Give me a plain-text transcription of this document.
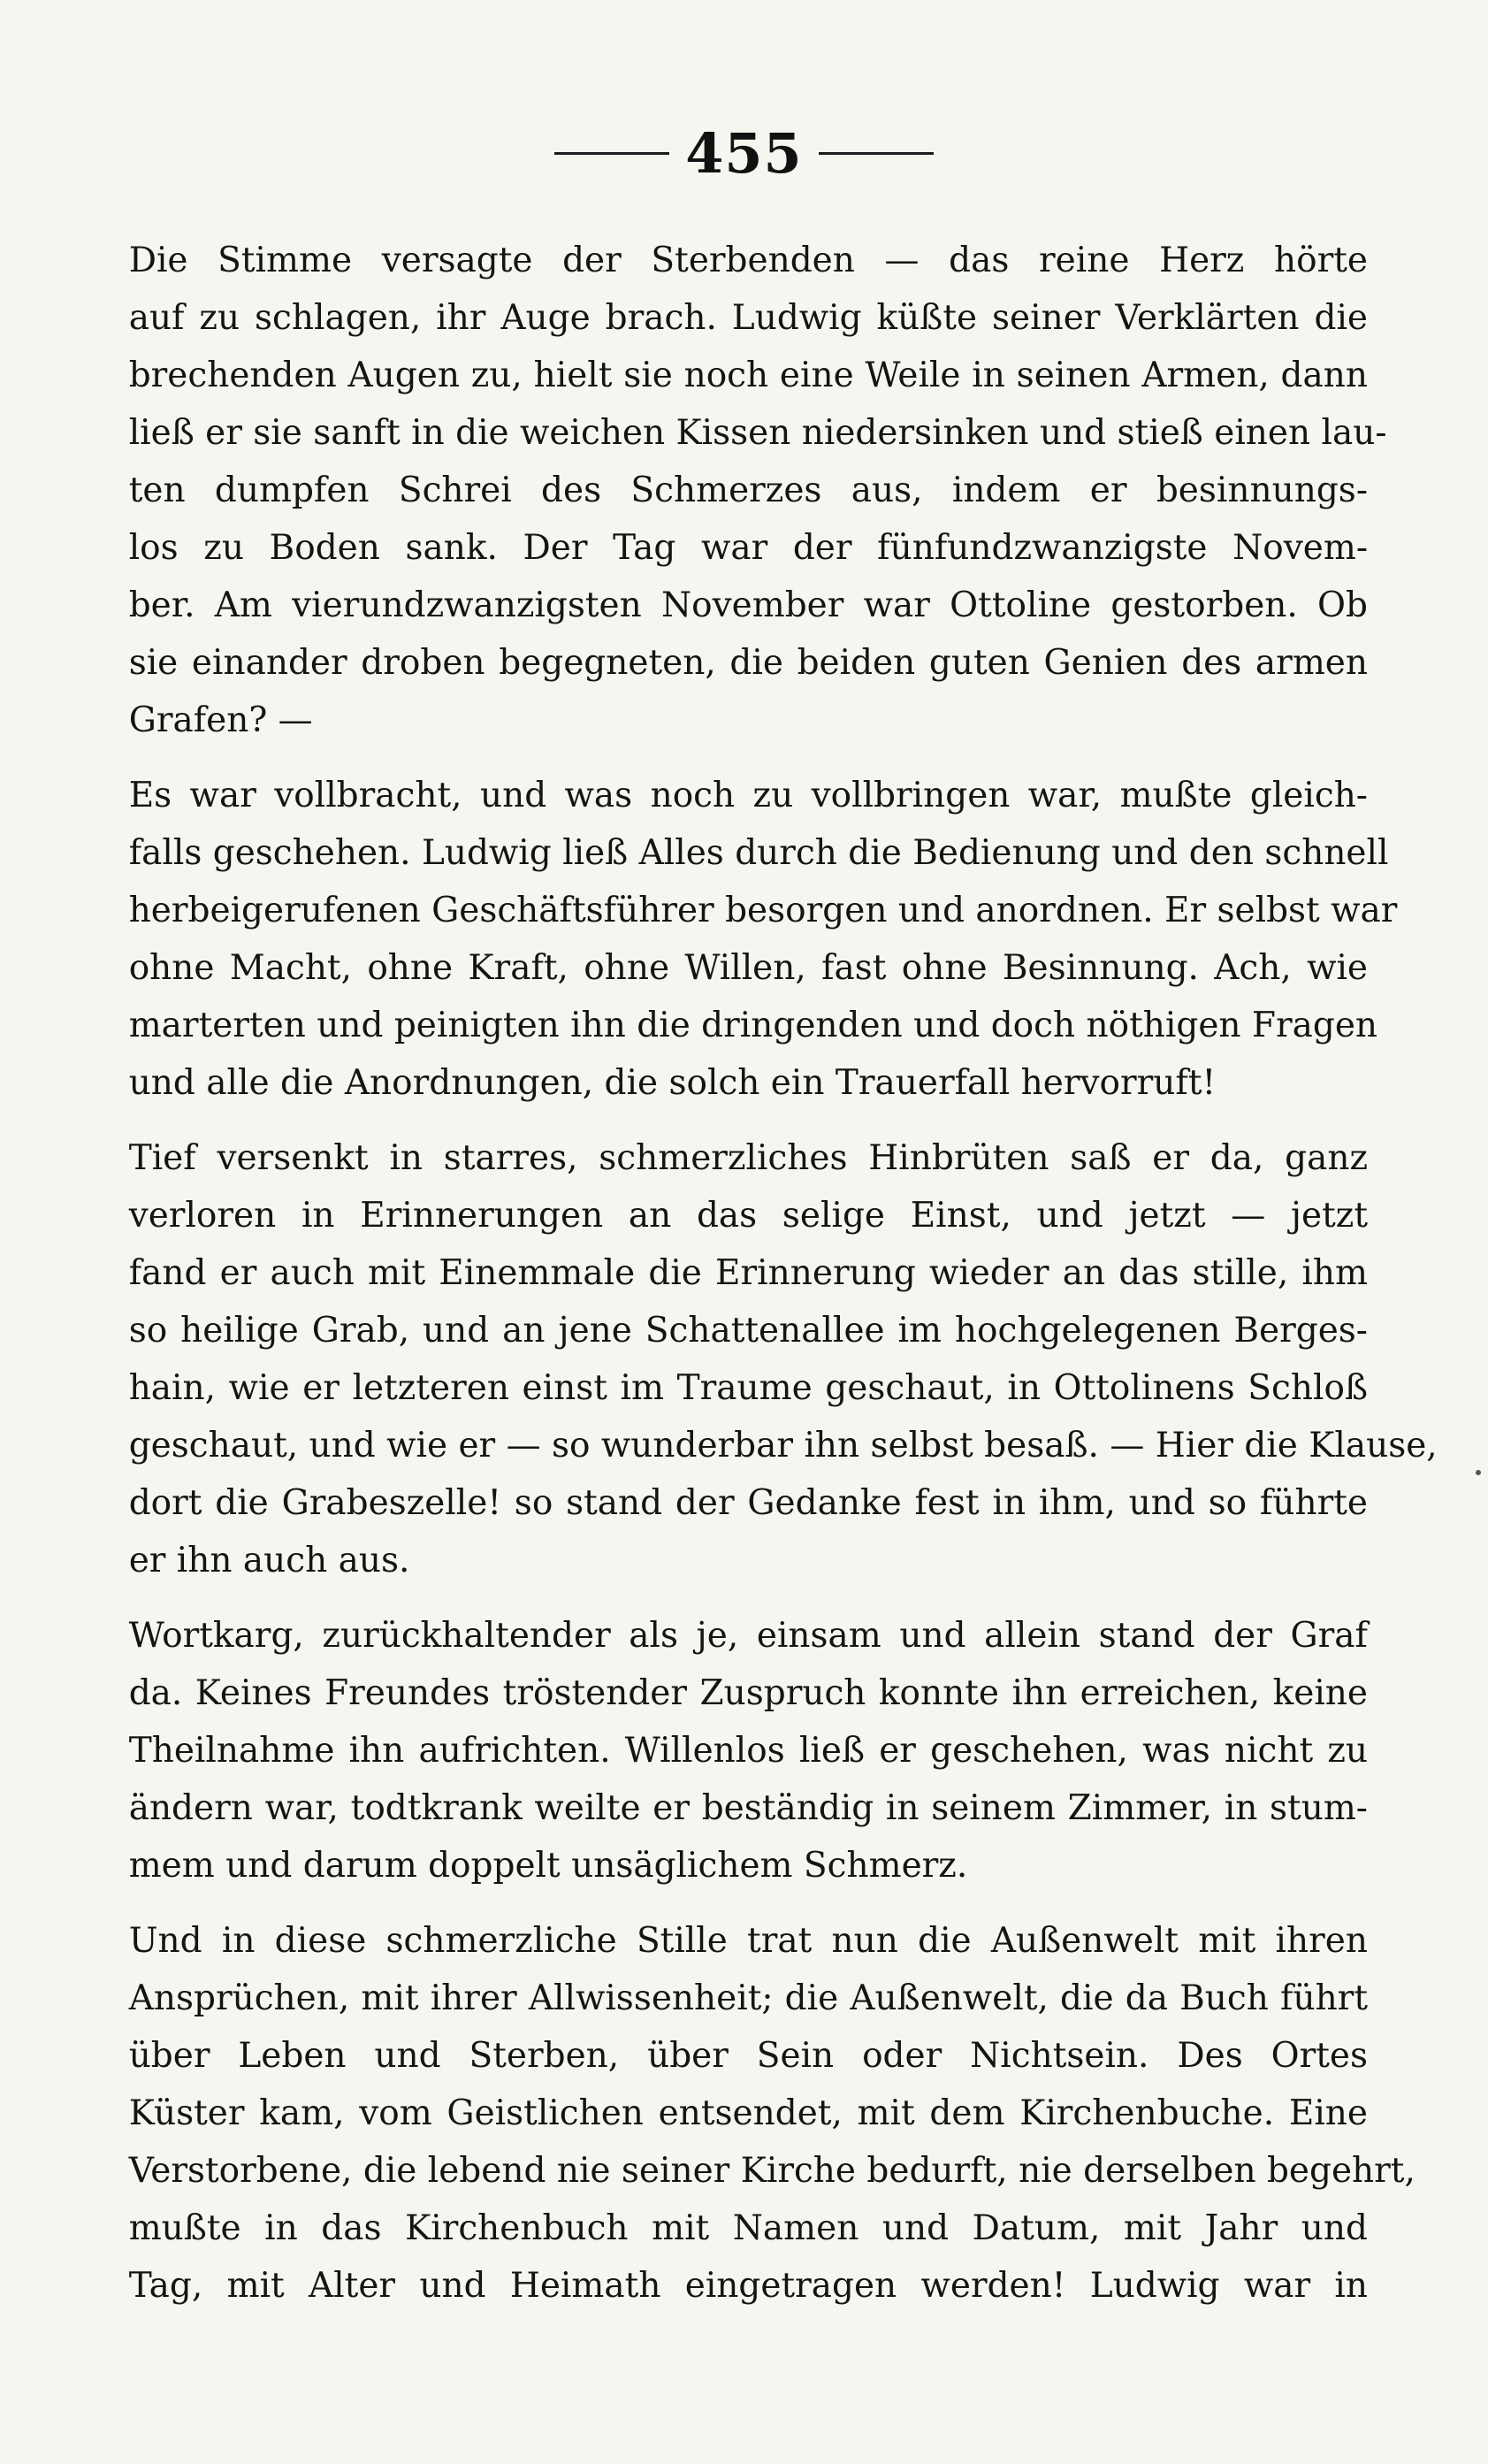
455

Die Stimme versagte der Sterbenden — das reine Herz hörte
auf zu schlagen, ihr Auge brach. Ludwig küßte seiner Verklärten die
brechenden Augen zu, hielt sie noch eine Weile in seinen Armen, dann
ließ er sie sanft in die weichen Kissen niedersinken und stieß einen lau-
ten dumpfen Schrei des Schmerzes aus, indem er besinnungs-
los zu Boden sank. Der Tag war der fünfundzwanzigste Novem-
ber. Am vierundzwanzigsten November war Ottoline gestorben. Ob
sie einander droben begegneten, die beiden guten Genien des armen
Grafen? —

Es war vollbracht, und was noch zu vollbringen war, mußte gleich-
falls geschehen. Ludwig ließ Alles durch die Bedienung und den schnell
herbeigerufenen Geschäftsführer besorgen und anordnen. Er selbst war
ohne Macht, ohne Kraft, ohne Willen, fast ohne Besinnung. Ach, wie
marterten und peinigten ihn die dringenden und doch nöthigen Fragen
und alle die Anordnungen, die solch ein Trauerfall hervorruft!

Tief versenkt in starres, schmerzliches Hinbrüten saß er da, ganz
verloren in Erinnerungen an das selige Einst, und jetzt — jetzt
fand er auch mit Einemmale die Erinnerung wieder an das stille, ihm
so heilige Grab, und an jene Schattenallee im hochgelegenen Berges-
hain, wie er letzteren einst im Traume geschaut, in Ottolinens Schloß
geschaut, und wie er — so wunderbar ihn selbst besaß. — Hier die Klause,
dort die Grabeszelle! so stand der Gedanke fest in ihm, und so führte
er ihn auch aus.

Wortkarg, zurückhaltender als je, einsam und allein stand der Graf
da. Keines Freundes tröstender Zuspruch konnte ihn erreichen, keine
Theilnahme ihn aufrichten. Willenlos ließ er geschehen, was nicht zu
ändern war, todtkrank weilte er beständig in seinem Zimmer, in stum-
mem und darum doppelt unsäglichem Schmerz.

Und in diese schmerzliche Stille trat nun die Außenwelt mit ihren
Ansprüchen, mit ihrer Allwissenheit; die Außenwelt, die da Buch führt
über Leben und Sterben, über Sein oder Nichtsein. Des Ortes
Küster kam, vom Geistlichen entsendet, mit dem Kirchenbuche. Eine
Verstorbene, die lebend nie seiner Kirche bedurft, nie derselben begehrt,
mußte in das Kirchenbuch mit Namen und Datum, mit Jahr und
Tag, mit Alter und Heimath eingetragen werden! Ludwig war in
